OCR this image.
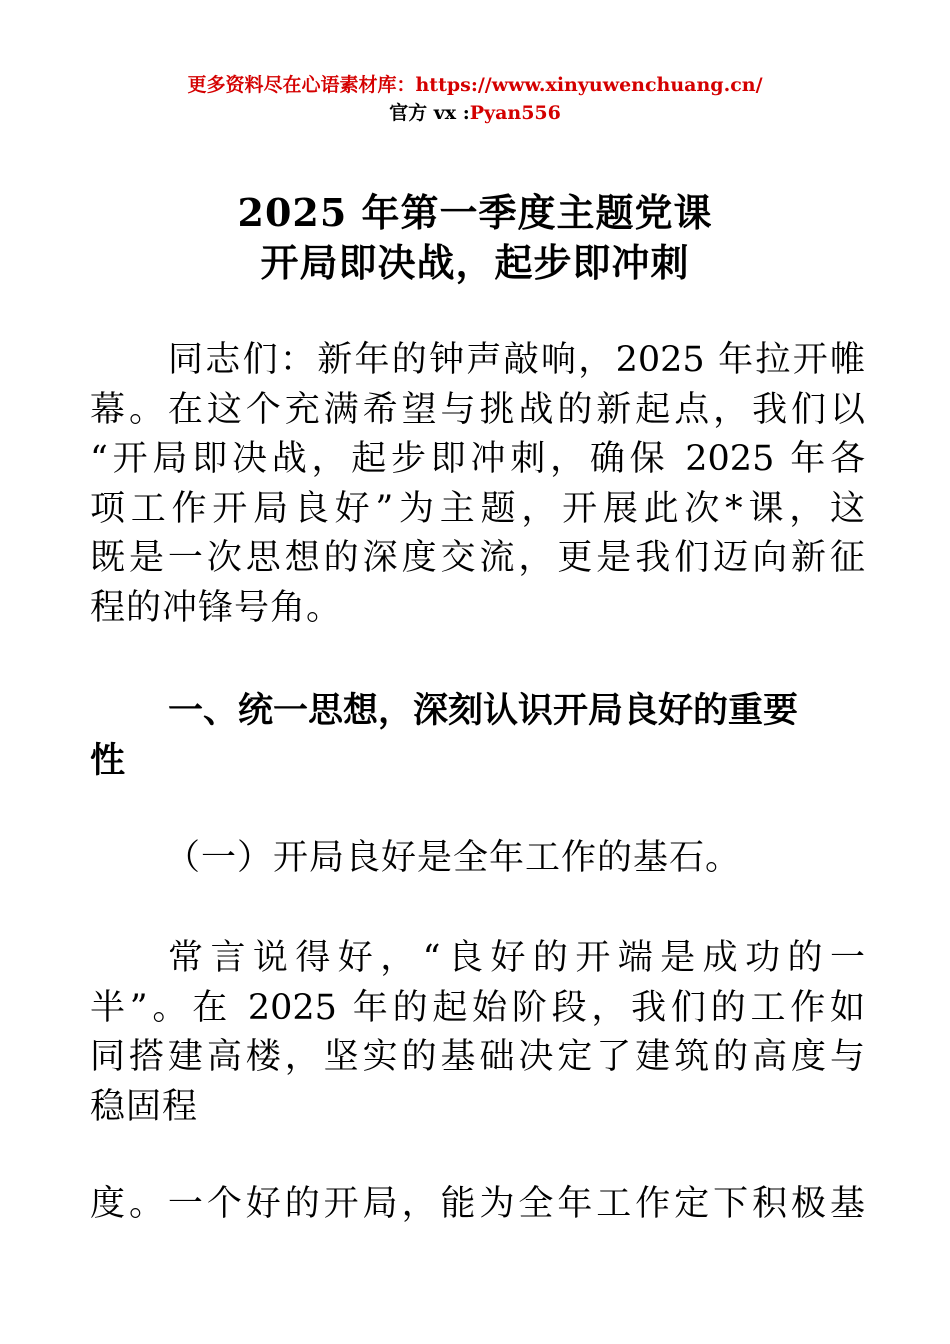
更多资料尽在心语素材库：https://www.xinyuwenchuang.cn/
官方 vx :Pyan556
2025 年第一季度主题党课
开局即决战，起步即冲刺
同志们：新年的钟声敲响，2025 年拉开帷
幕。在这个充满希望与挑战的新起点，我们以
“开局即决战，起步即冲刺，确保 2025 年各
项工作开局良好”为主题，开展此次*课，这
既是一次思想的深度交流，更是我们迈向新征
程的冲锋号角。
一、统一思想，深刻认识开局良好的重要
性
（一）开局良好是全年工作的基石。
常言说得好，“良好的开端是成功的一
半”。在 2025 年的起始阶段，我们的工作如
同搭建高楼，坚实的基础决定了建筑的高度与
稳固程
度。一个好的开局，能为全年工作定下积极基
